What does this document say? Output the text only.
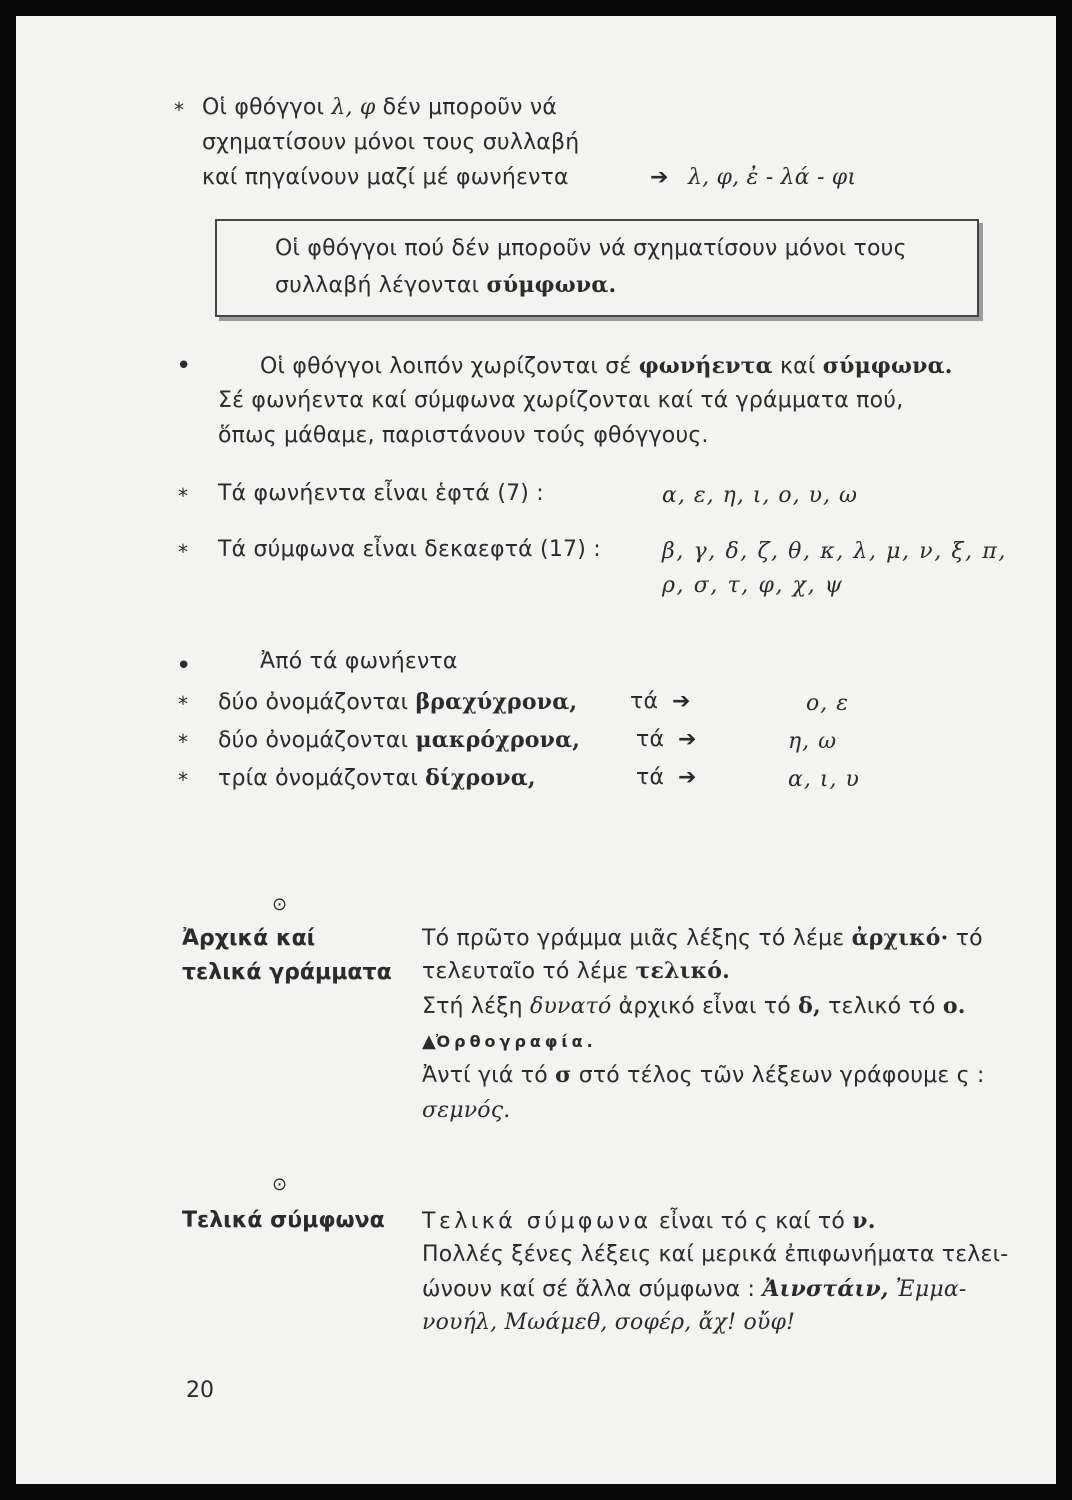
* Οἱ φθόγγοι λ, φ δέν μποροῦν νά
σχηματίσουν μόνοι τους συλλαβή
καί πηγαίνουν μαζί μέ φωνήεντα	➔ λ, φ, ἐ - λά - φι
Οἱ φθόγγοι πού δέν μποροῦν νά σχηματίσουν μόνοι τους
συλλαβή λέγονται σύμφωνα.
•	Οἱ φθόγγοι λοιπόν χωρίζονται σέ φωνήεντα καί σύμφωνα.
Σέ φωνήεντα καί σύμφωνα χωρίζονται καί τά γράμματα πού,
ὅπως μάθαμε, παριστάνουν τούς φθόγγους.
* Τά φωνήεντα εἶναι ἑφτά (7) :	α, ε, η, ι, ο, υ, ω
* Τά σύμφωνα εἶναι δεκαεφτά (17) :	β, γ, δ, ζ, θ, κ, λ, μ, ν, ξ, π,
ρ, σ, τ, φ, χ, ψ
•	Ἀπό τά φωνήεντα
* δύο ὀνομάζονται βραχύχρονα, τά ➔	ο, ε
* δύο ὀνομάζονται μακρόχρονα,	τά ➔	η, ω
* τρία ὀνομάζονται δίχρονα,	τά ➔	α, ι, υ
⊙
Ἀρχικά καί
τελικά γράμματα
Τό πρῶτο γράμμα μιᾶς λέξης τό λέμε ἀρχικό· τό
τελευταῖο τό λέμε τελικό.
Στή λέξη δυνατό ἀρχικό εἶναι τό δ, τελικό τό ο.
▲Ὀρθογραφία.
Ἀντί γιά τό σ στό τέλος τῶν λέξεων γράφουμε ς :
σεμνός.
⊙
Τελικά σύμφωνα Τελικά σύμφωνα εἶναι τό ς καί τό ν.
Πολλές ξένες λέξεις καί μερικά ἐπιφωνήματα τελει-
ώνουν καί σέ ἄλλα σύμφωνα : Ἀινστάιν, Ἐμμα-
νουήλ, Μωάμεθ, σοφέρ, ἄχ! οὔφ!
20
